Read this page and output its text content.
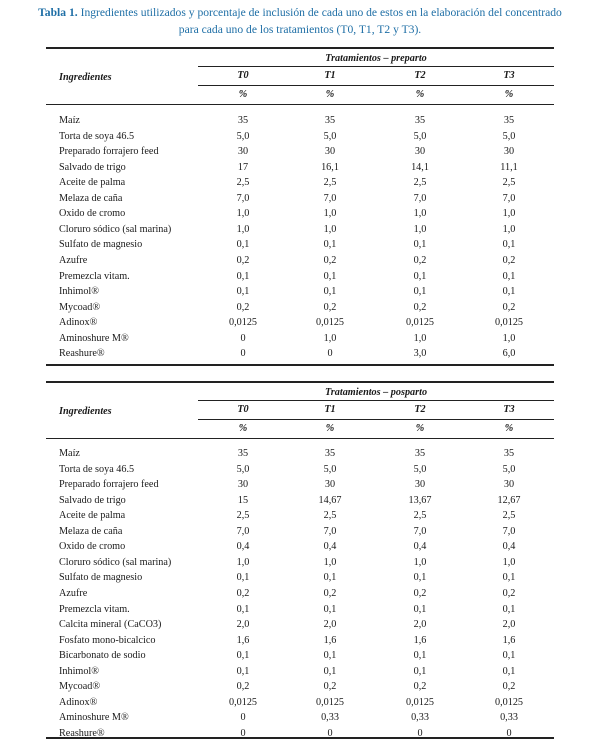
Tabla 1. Ingredientes utilizados y porcentaje de inclusión de cada uno de estos en la elaboración del concentrado
para cada uno de los tratamientos (T0, T1, T2 y T3).
Tratamientos – preparto
Ingredientes	T0	T1	T2	T3
%	%	%	%
Maíz	35	35	35	35
Torta de soya 46.5	5,0	5,0	5,0	5,0
Preparado forrajero feed	30	30	30	30
Salvado de trigo	17	16,1	14,1	11,1
Aceite de palma	2,5	2,5	2,5	2,5
Melaza de caña	7,0	7,0	7,0	7,0
Oxido de cromo	1,0	1,0	1,0	1,0
Cloruro sódico (sal marina)	1,0	1,0	1,0	1,0
Sulfato de magnesio	0,1	0,1	0,1	0,1
Azufre	0,2	0,2	0,2	0,2
Premezcla vitam.	0,1	0,1	0,1	0,1
Inhimol®	0,1	0,1	0,1	0,1
Mycoad®	0,2	0,2	0,2	0,2
Adinox®	0,0125	0,0125	0,0125	0,0125
Aminoshure M®	0	1,0	1,0	1,0
Reashure®	0	0	3,0	6,0
Tratamientos – posparto
Ingredientes	T0	T1	T2	T3
%	%	%	%
Maíz	35	35	35	35
Torta de soya 46.5	5,0	5,0	5,0	5,0
Preparado forrajero feed	30	30	30	30
Salvado de trigo	15	14,67	13,67	12,67
Aceite de palma	2,5	2,5	2,5	2,5
Melaza de caña	7,0	7,0	7,0	7,0
Oxido de cromo	0,4	0,4	0,4	0,4
Cloruro sódico (sal marina)	1,0	1,0	1,0	1,0
Sulfato de magnesio	0,1	0,1	0,1	0,1
Azufre	0,2	0,2	0,2	0,2
Premezcla vitam.	0,1	0,1	0,1	0,1
Calcita mineral (CaCO3)	2,0	2,0	2,0	2,0
Fosfato mono-bicalcico	1,6	1,6	1,6	1,6
Bicarbonato de sodio	0,1	0,1	0,1	0,1
Inhimol®	0,1	0,1	0,1	0,1
Mycoad®	0,2	0,2	0,2	0,2
Adinox®	0,0125	0,0125	0,0125	0,0125
Aminoshure M®	0	0,33	0,33	0,33
Reashure®	0	0	0	0
